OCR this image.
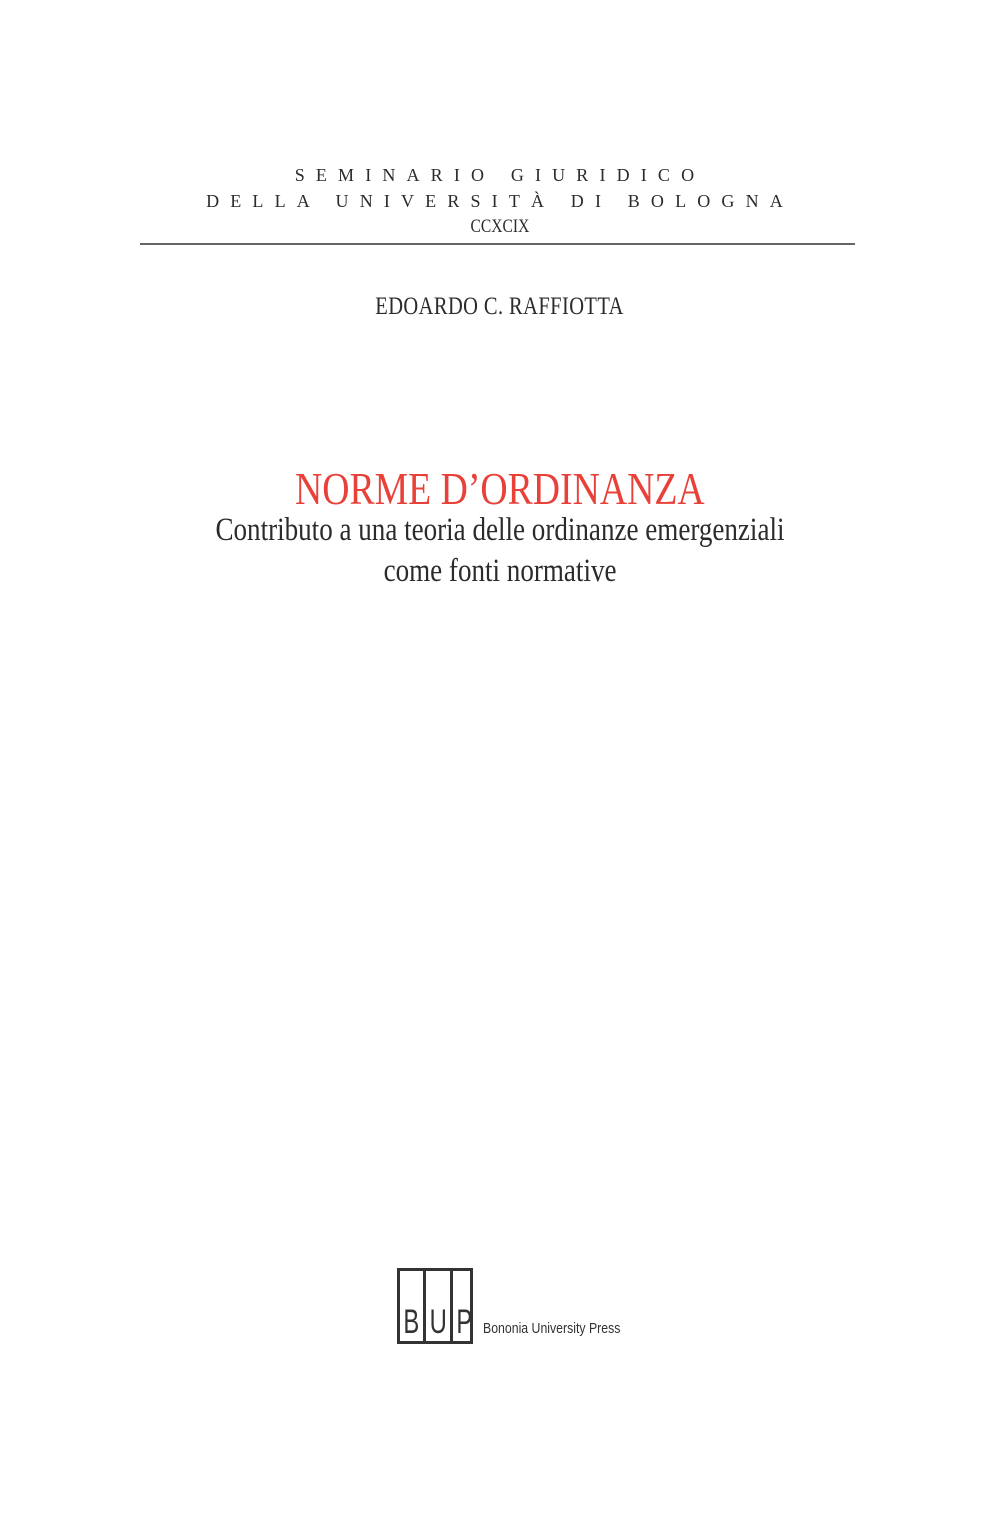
SEMINARIO GIURIDICO
DELLA UNIVERSITÀ DI BOLOGNA
CCXCIX
EDOARDO C. RAFFIOTTA
NORME D’ORDINANZA
Contributo a una teoria delle ordinanze emergenziali
come fonti normative
B U P Bononia University Press
